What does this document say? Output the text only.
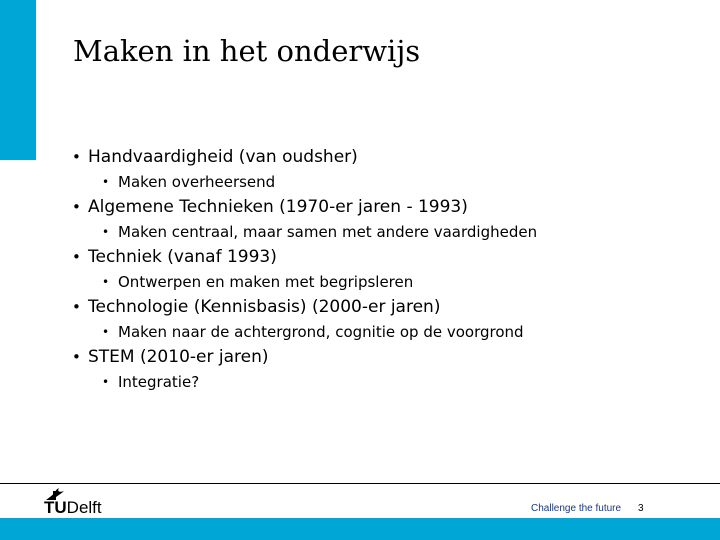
Maken in het onderwijs
• Handvaardigheid (van oudsher)
• Maken overheersend
• Algemene Technieken (1970-er jaren - 1993)
• Maken centraal, maar samen met andere vaardigheden
• Techniek (vanaf 1993)
• Ontwerpen en maken met begripsleren
• Technologie (Kennisbasis) (2000-er jaren)
• Maken naar de achtergrond, cognitie op de voorgrond
• STEM (2010-er jaren)
• Integratie?
TUDelft	Challenge the future 3
